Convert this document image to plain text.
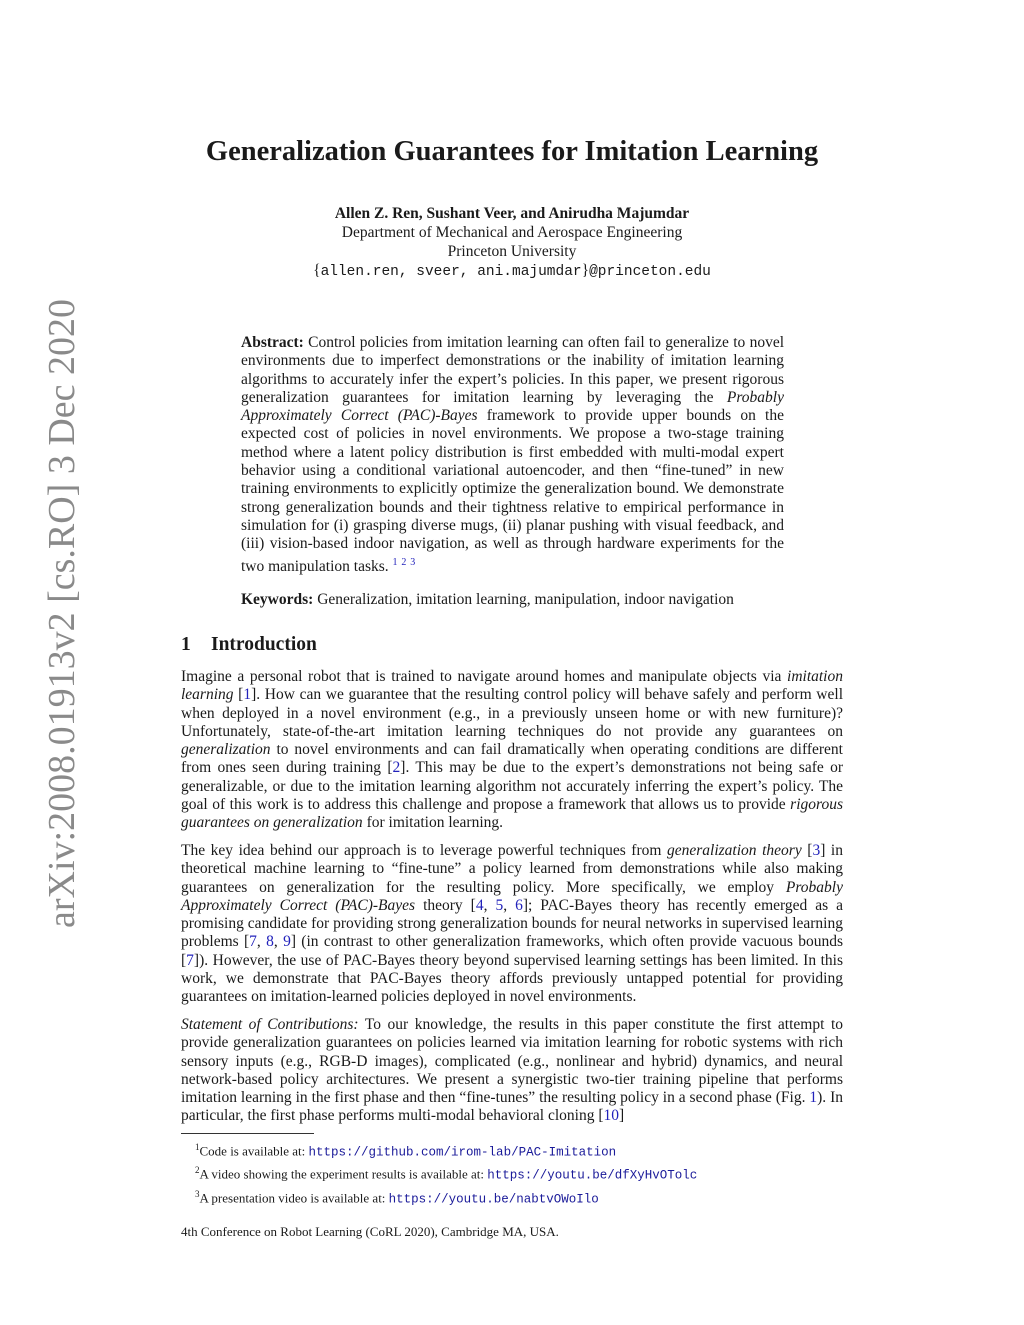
arXiv:2008.01913v2 [cs.RO] 3 Dec 2020
Generalization Guarantees for Imitation Learning
Allen Z. Ren, Sushant Veer, and Anirudha Majumdar
Department of Mechanical and Aerospace Engineering
Princeton University
{allen.ren, sveer, ani.majumdar}@princeton.edu
Abstract: Control policies from imitation learning can often fail to generalize to novel environments due to imperfect demonstrations or the inability of imitation learning algorithms to accurately infer the expert’s policies. In this paper, we present rigorous generalization guarantees for imitation learning by leveraging the Probably Approximately Correct (PAC)-Bayes framework to provide upper bounds on the expected cost of policies in novel environments. We propose a two-stage training method where a latent policy distribution is first embedded with multi-modal expert behavior using a conditional variational autoencoder, and then “fine-tuned” in new training environments to explicitly optimize the generalization bound. We demonstrate strong generalization bounds and their tightness relative to empirical performance in simulation for (i) grasping diverse mugs, (ii) planar pushing with visual feedback, and (iii) vision-based indoor navigation, as well as through hardware experiments for the two manipulation tasks. $^1$ $^2$ $^3$
Keywords: Generalization, imitation learning, manipulation, indoor navigation
1 Introduction
Imagine a personal robot that is trained to navigate around homes and manipulate objects via imitation learning [1]. How can we guarantee that the resulting control policy will behave safely and perform well when deployed in a novel environment (e.g., in a previously unseen home or with new furniture)? Unfortunately, state-of-the-art imitation learning techniques do not provide any guarantees on generalization to novel environments and can fail dramatically when operating conditions are different from ones seen during training [2]. This may be due to the expert’s demonstrations not being safe or generalizable, or due to the imitation learning algorithm not accurately inferring the expert’s policy. The goal of this work is to address this challenge and propose a framework that allows us to provide rigorous guarantees on generalization for imitation learning.
The key idea behind our approach is to leverage powerful techniques from generalization theory [3] in theoretical machine learning to “fine-tune” a policy learned from demonstrations while also making guarantees on generalization for the resulting policy. More specifically, we employ Probably Approximately Correct (PAC)-Bayes theory [4, 5, 6]; PAC-Bayes theory has recently emerged as a promising candidate for providing strong generalization bounds for neural networks in supervised learning problems [7, 8, 9] (in contrast to other generalization frameworks, which often provide vacuous bounds [7]). However, the use of PAC-Bayes theory beyond supervised learning settings has been limited. In this work, we demonstrate that PAC-Bayes theory affords previously untapped potential for providing guarantees on imitation-learned policies deployed in novel environments.
Statement of Contributions: To our knowledge, the results in this paper constitute the first attempt to provide generalization guarantees on policies learned via imitation learning for robotic systems with rich sensory inputs (e.g., RGB-D images), complicated (e.g., nonlinear and hybrid) dynamics, and neural network-based policy architectures. We present a synergistic two-tier training pipeline that performs imitation learning in the first phase and then “fine-tunes” the resulting policy in a second phase (Fig. 1). In particular, the first phase performs multi-modal behavioral cloning [10]
$^1$Code is available at: https://github.com/irom-lab/PAC-Imitation
$^2$A video showing the experiment results is available at: https://youtu.be/dfXyHvOTolc
$^3$A presentation video is available at: https://youtu.be/nabtvOWoIlo
4th Conference on Robot Learning (CoRL 2020), Cambridge MA, USA.
